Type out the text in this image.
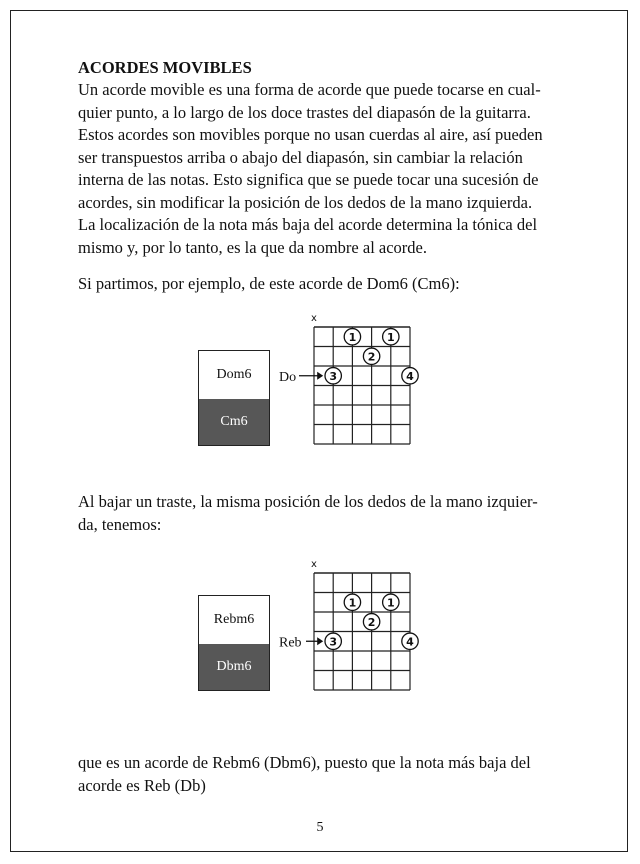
ACORDES MOVIBLES

Un acorde movible es una forma de acorde que puede tocarse en cual-
quier punto, a lo largo de los doce trastes del diapasón de la guitarra.
Estos acordes son movibles porque no usan cuerdas al aire, así pueden
ser transpuestos arriba o abajo del diapasón, sin cambiar la relación
interna de las notas. Esto significa que se puede tocar una sucesión de
acordes, sin modificar la posición de los dedos de la mano izquierda.
La localización de la nota más baja del acorde determina la tónica del
mismo y, por lo tanto, es la que da nombre al acorde.

Si partimos, por ejemplo, de este acorde de Dom6 (Cm6):

Dom6
Cm6
x
Do
1	1
2
3	4
Al bajar un traste, la misma posición de los dedos de la mano izquier-
da, tenemos:
Rebm6
Dbm6
x
Reb
1	1
2
3	4
que es un acorde de Rebm6 (Dbm6), puesto que la nota más baja del
acorde es Reb (Db)
5
